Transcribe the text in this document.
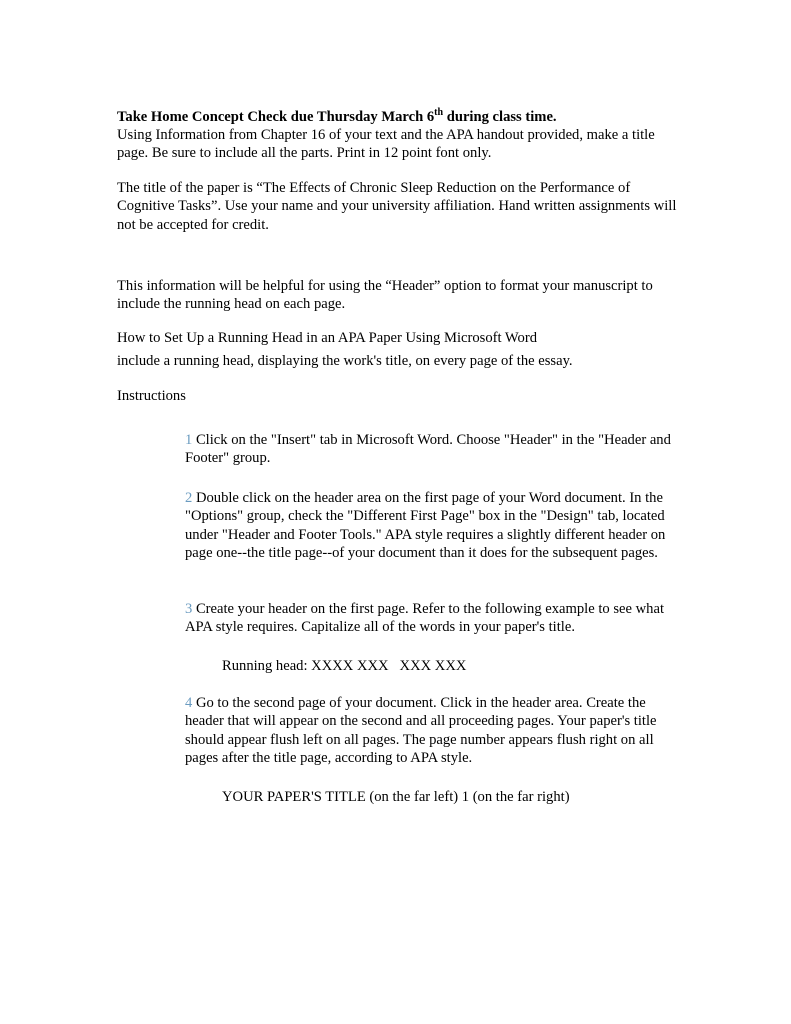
Take Home Concept Check due Thursday March 6th during class time.

Using Information from Chapter 16 of your text and the APA handout provided, make a title page. Be sure to include all the parts. Print in 12 point font only.

The title of the paper is “The Effects of Chronic Sleep Reduction on the Performance of Cognitive Tasks”. Use your name and your university affiliation. Hand written assignments will not be accepted for credit.

This information will be helpful for using the “Header” option to format your manuscript to include the running head on each page.

How to Set Up a Running Head in an APA Paper Using Microsoft Word

include a running head, displaying the work's title, on every page of the essay.

Instructions

1 Click on the "Insert" tab in Microsoft Word. Choose "Header" in the "Header and Footer" group.

2 Double click on the header area on the first page of your Word document. In the "Options" group, check the "Different First Page" box in the "Design" tab, located under "Header and Footer Tools." APA style requires a slightly different header on page one--the title page--of your document than it does for the subsequent pages.

3 Create your header on the first page. Refer to the following example to see what APA style requires. Capitalize all of the words in your paper's title.

Running head: XXXX XXX   XXX XXX

4 Go to the second page of your document. Click in the header area. Create the header that will appear on the second and all proceeding pages. Your paper's title should appear flush left on all pages. The page number appears flush right on all pages after the title page, according to APA style.

YOUR PAPER'S TITLE (on the far left) 1 (on the far right)
